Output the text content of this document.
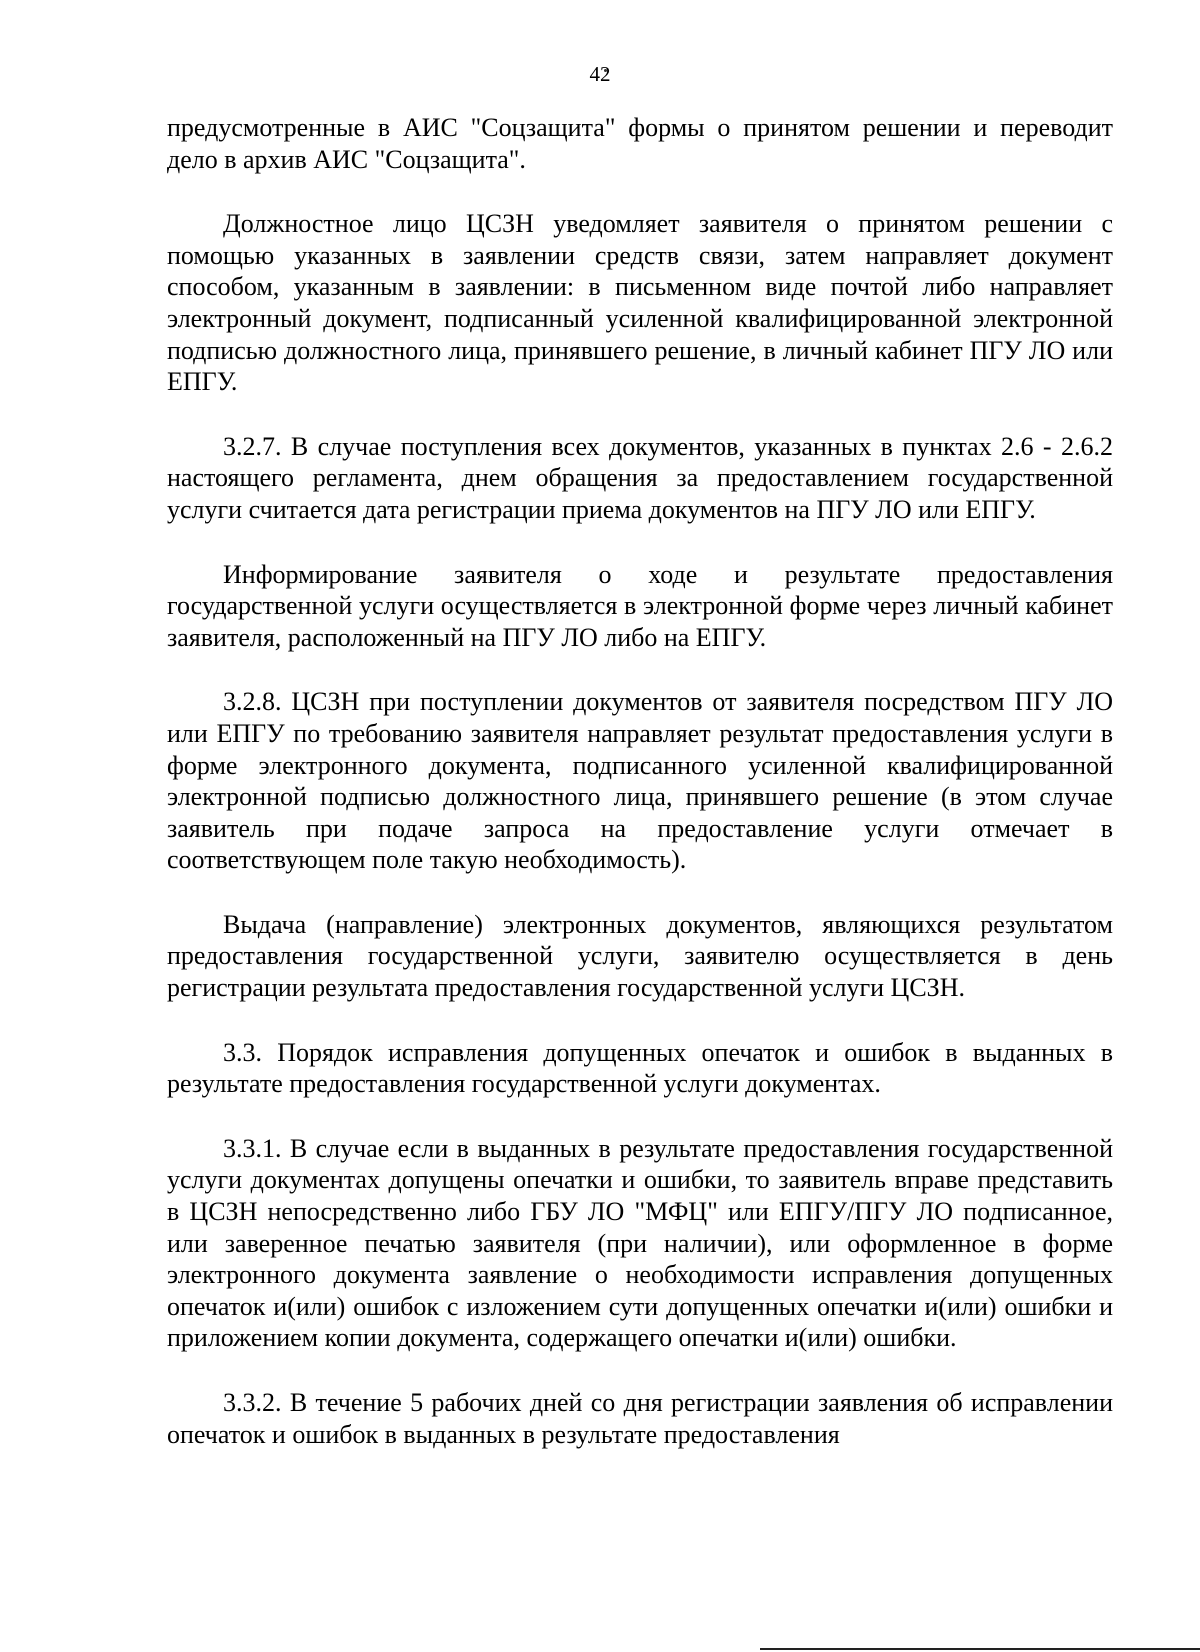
42

предусмотренные в АИС "Соцзащита" формы о принятом решении и переводит дело в архив АИС "Соцзащита".

Должностное лицо ЦСЗН уведомляет заявителя о принятом решении с помощью указанных в заявлении средств связи, затем направляет документ способом, указанным в заявлении: в письменном виде почтой либо направляет электронный документ, подписанный усиленной квалифицированной электронной подписью должностного лица, принявшего решение, в личный кабинет ПГУ ЛО или ЕПГУ.

3.2.7. В случае поступления всех документов, указанных в пунктах 2.6 - 2.6.2 настоящего регламента, днем обращения за предоставлением государственной услуги считается дата регистрации приема документов на ПГУ ЛО или ЕПГУ.

Информирование заявителя о ходе и результате предоставления государственной услуги осуществляется в электронной форме через личный кабинет заявителя, расположенный на ПГУ ЛО либо на ЕПГУ.

3.2.8. ЦСЗН при поступлении документов от заявителя посредством ПГУ ЛО или ЕПГУ по требованию заявителя направляет результат предоставления услуги в форме электронного документа, подписанного усиленной квалифицированной электронной подписью должностного лица, принявшего решение (в этом случае заявитель при подаче запроса на предоставление услуги отмечает в соответствующем поле такую необходимость).

Выдача (направление) электронных документов, являющихся результатом предоставления государственной услуги, заявителю осуществляется в день регистрации результата предоставления государственной услуги ЦСЗН.

3.3. Порядок исправления допущенных опечаток и ошибок в выданных в результате предоставления государственной услуги документах.

3.3.1. В случае если в выданных в результате предоставления государственной услуги документах допущены опечатки и ошибки, то заявитель вправе представить в ЦСЗН непосредственно либо ГБУ ЛО "МФЦ" или ЕПГУ/ПГУ ЛО подписанное, или заверенное печатью заявителя (при наличии), или оформленное в форме электронного документа заявление о необходимости исправления допущенных опечаток и(или) ошибок с изложением сути допущенных опечатки и(или) ошибки и приложением копии документа, содержащего опечатки и(или) ошибки.

3.3.2. В течение 5 рабочих дней со дня регистрации заявления об исправлении опечаток и ошибок в выданных в результате предоставления
